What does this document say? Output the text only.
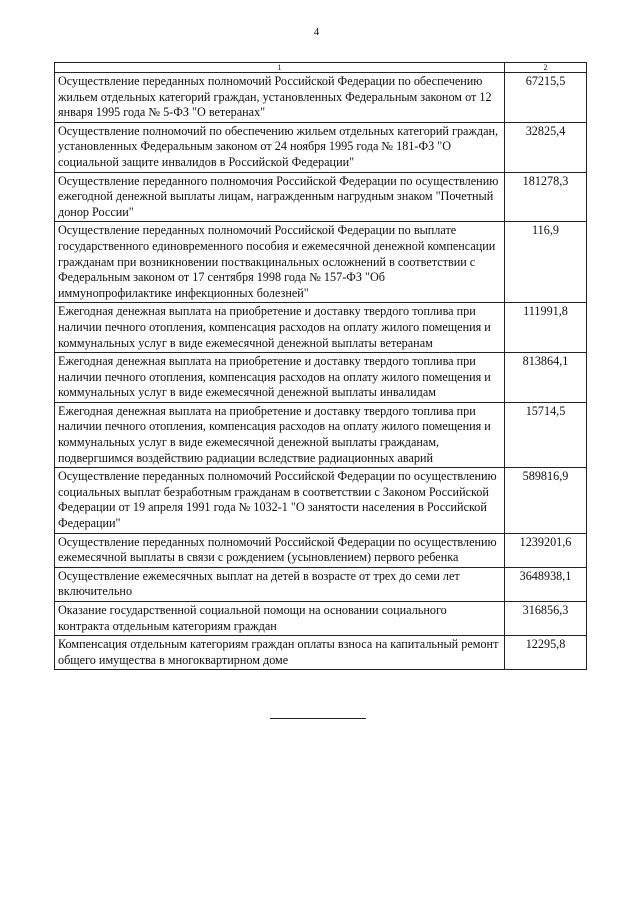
4
1	2
Осуществление переданных полномочий Российской Федерации по обеспечению жильем отдельных категорий граждан, установленных Федеральным законом от 12 января 1995 года № 5-ФЗ "О ветеранах"	67215,5
Осуществление полномочий по обеспечению жильем отдельных категорий граждан, установленных Федеральным законом от 24 ноября 1995 года № 181-ФЗ "О социальной защите инвалидов в Российской Федерации"	32825,4
Осуществление переданного полномочия Российской Федерации по осуществлению ежегодной денежной выплаты лицам, награжденным нагрудным знаком "Почетный донор России"	181278,3
Осуществление переданных полномочий Российской Федерации по выплате государственного единовременного пособия и ежемесячной денежной компенсации гражданам при возникновении поствакцинальных осложнений в соответствии с Федеральным законом от 17 сентября 1998 года № 157-ФЗ "Об иммунопрофилактике инфекционных болезней"	116,9
Ежегодная денежная выплата на приобретение и доставку твердого топлива при наличии печного отопления, компенсация расходов на оплату жилого помещения и коммунальных услуг в виде ежемесячной денежной выплаты ветеранам	111991,8
Ежегодная денежная выплата на приобретение и доставку твердого топлива при наличии печного отопления, компенсация расходов на оплату жилого помещения и коммунальных услуг в виде ежемесячной денежной выплаты инвалидам	813864,1
Ежегодная денежная выплата на приобретение и доставку твердого топлива при наличии печного отопления, компенсация расходов на оплату жилого помещения и коммунальных услуг в виде ежемесячной денежной выплаты гражданам, подвергшимся воздействию радиации вследствие радиационных аварий	15714,5
Осуществление переданных полномочий Российской Федерации по осуществлению социальных выплат безработным гражданам в соответствии с Законом Российской Федерации от 19 апреля 1991 года № 1032-1 "О занятости населения в Российской Федерации"	589816,9
Осуществление переданных полномочий Российской Федерации по осуществлению ежемесячной выплаты в связи с рождением (усыновлением) первого ребенка	1239201,6
Осуществление ежемесячных выплат на детей в возрасте от трех до семи лет включительно	3648938,1
Оказание государственной социальной помощи на основании социального контракта отдельным категориям граждан	316856,3
Компенсация отдельным категориям граждан оплаты взноса на капитальный ремонт общего имущества в многоквартирном доме	12295,8
